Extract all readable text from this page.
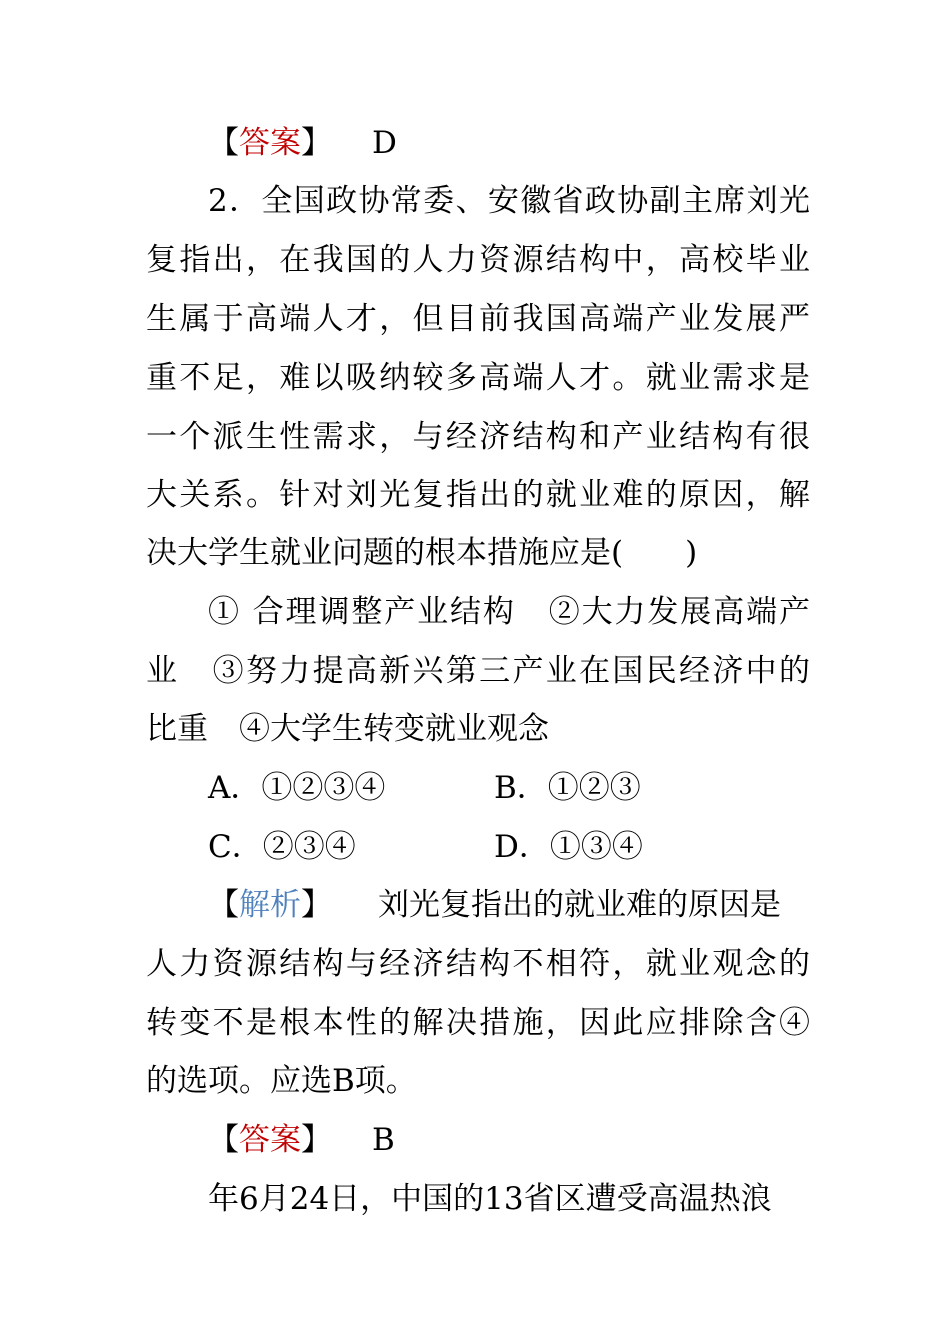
【答案】 D
2．全国政协常委、安徽省政协副主席刘光
复指出，在我国的人力资源结构中，高校毕业
生属于高端人才，但目前我国高端产业发展严
重不足，难以吸纳较多高端人才。就业需求是
一个派生性需求，与经济结构和产业结构有很
大关系。针对刘光复指出的就业难的原因，解
决大学生就业问题的根本措施应是(　　)
① 合理调整产业结构　②大力发展高端产
业　③努力提高新兴第三产业在国民经济中的
比重　④大学生转变就业观念
A．①②③④	B．①②③
C．②③④	D．①③④
【解析】 刘光复指出的就业难的原因是
人力资源结构与经济结构不相符，就业观念的
转变不是根本性的解决措施，因此应排除含④
的选项。应选B项。
【答案】 B
年6月24日，中国的13省区遭受高温热浪
